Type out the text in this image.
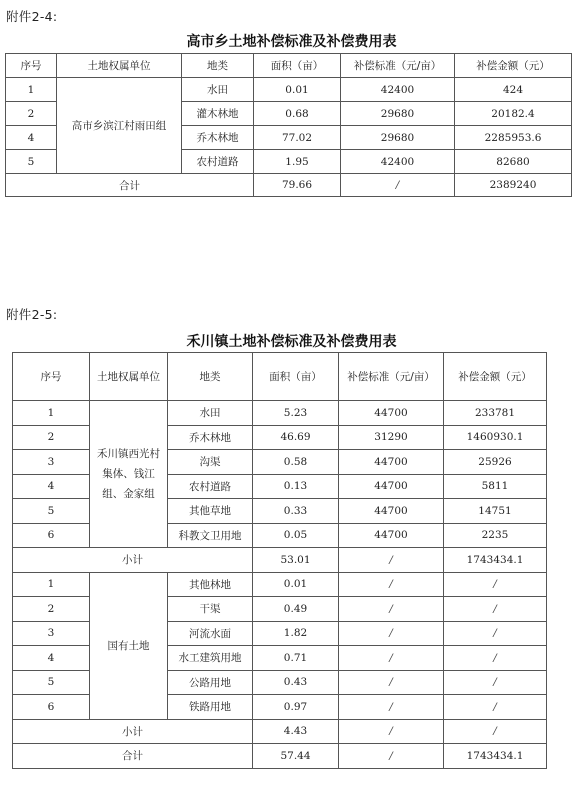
附件2-4:
高市乡土地补偿标准及补偿费用表
序号	土地权属单位	地类	面积（亩）	补偿标准（元/亩）	补偿金额（元）
1	高市乡滨江村雨田组	水田	0.01	42400	424
2		灌木林地	0.68	29680	20182.4
4		乔木林地	77.02	29680	2285953.6
5		农村道路	1.95	42400	82680
合计			79.66	/	2389240
附件2-5:
禾川镇土地补偿标准及补偿费用表
序号	土地权属单位	地类	面积（亩）	补偿标准（元/亩）	补偿金额（元）
1	禾川镇西光村集体、钱江组、金家组	水田	5.23	44700	233781
2		乔木林地	46.69	31290	1460930.1
3		沟渠	0.58	44700	25926
4		农村道路	0.13	44700	5811
5		其他草地	0.33	44700	14751
6		科教文卫用地	0.05	44700	2235
小计			53.01	/	1743434.1
1	国有土地	其他林地	0.01	/	/
2		干渠	0.49	/	/
3		河流水面	1.82	/	/
4		水工建筑用地	0.71	/	/
5		公路用地	0.43	/	/
6		铁路用地	0.97	/	/
小计			4.43	/	/
合计			57.44	/	1743434.1
